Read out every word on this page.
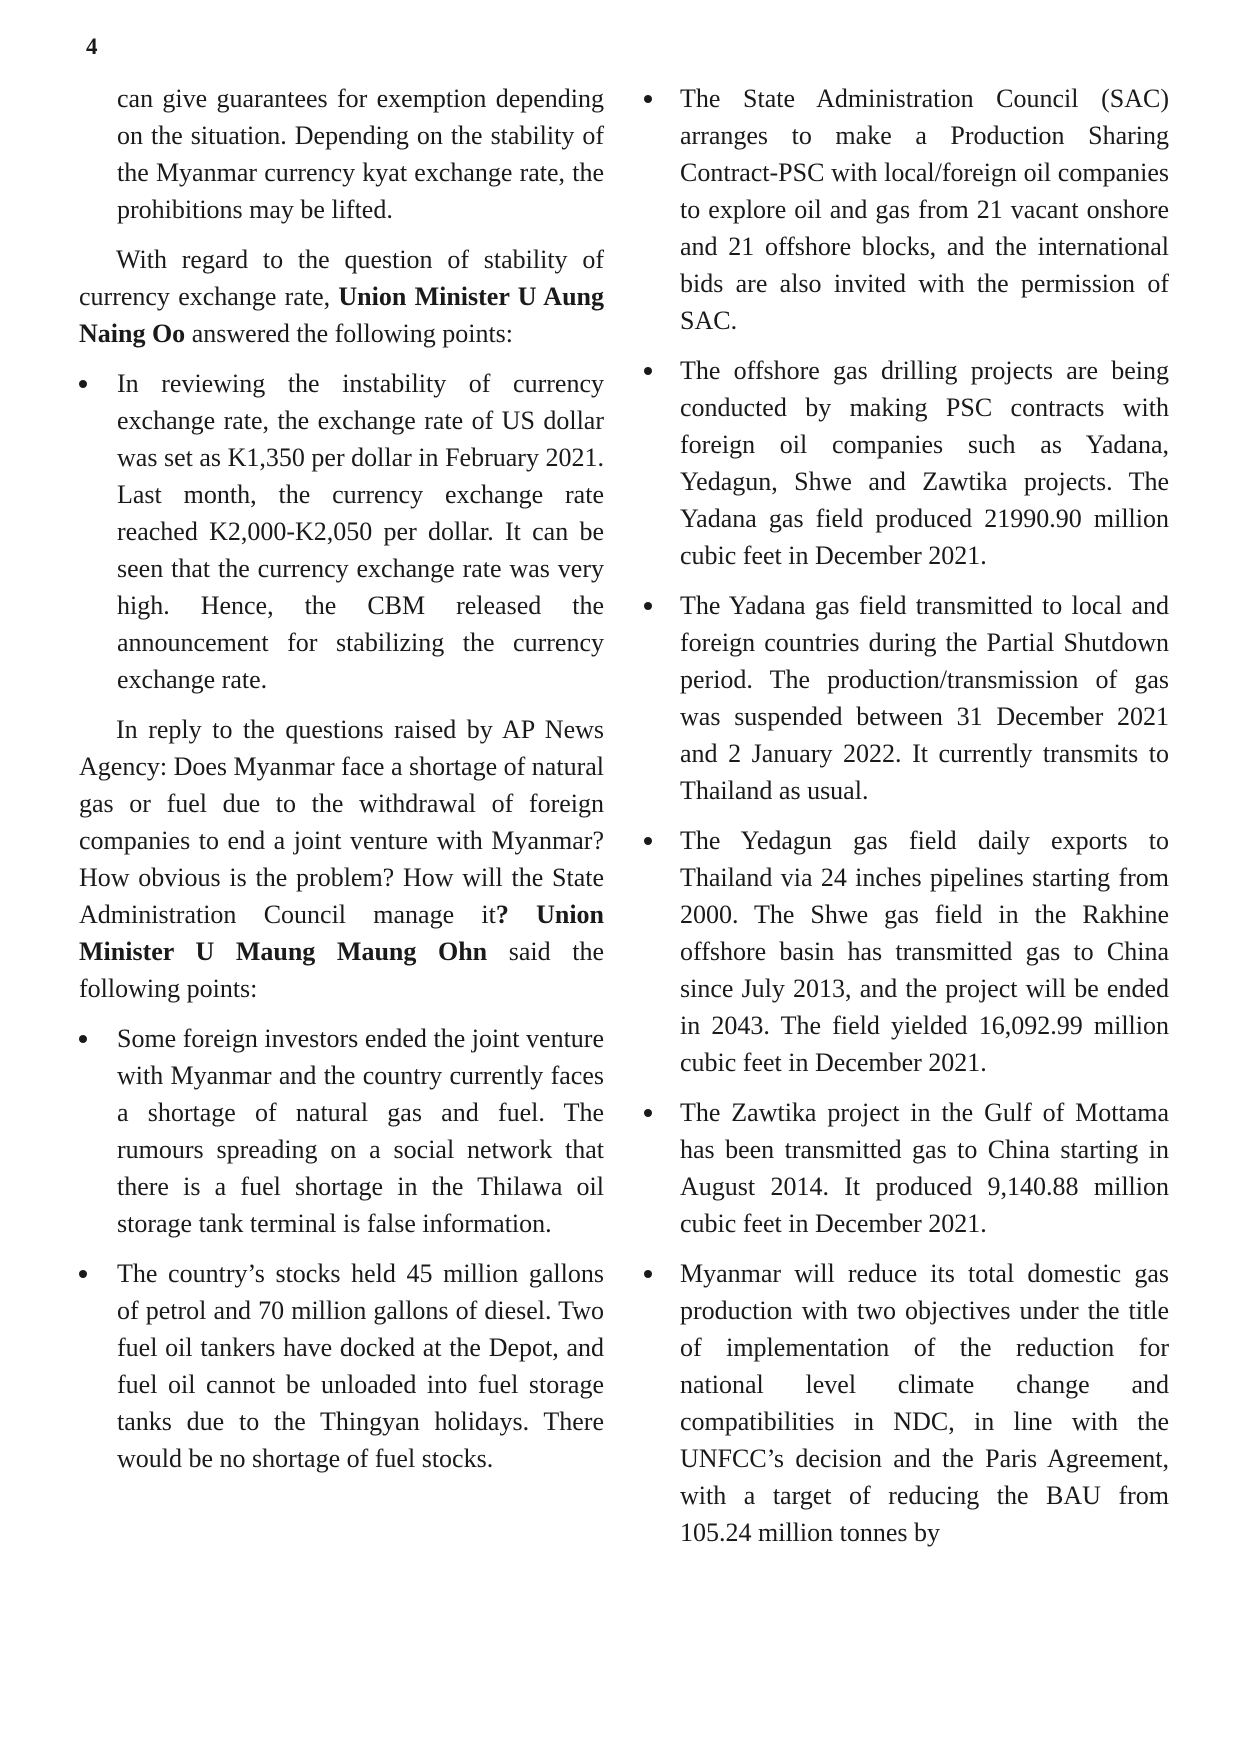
4

can give guarantees for exemption depending on the situation. Depending on the stability of the Myanmar currency kyat exchange rate, the prohibitions may be lifted.

With regard to the question of stability of currency exchange rate, Union Minister U Aung Naing Oo answered the following points:

In reviewing the instability of currency exchange rate, the exchange rate of US dollar was set as K1,350 per dollar in February 2021. Last month, the currency exchange rate reached K2,000-K2,050 per dollar. It can be seen that the currency exchange rate was very high. Hence, the CBM released the announcement for stabilizing the currency exchange rate.

In reply to the questions raised by AP News Agency: Does Myanmar face a shortage of natural gas or fuel due to the withdrawal of foreign companies to end a joint venture with Myanmar? How obvious is the problem? How will the State Administration Council manage it? Union Minister U Maung Maung Ohn said the following points:

Some foreign investors ended the joint venture with Myanmar and the country currently faces a shortage of natural gas and fuel. The rumours spreading on a social network that there is a fuel shortage in the Thilawa oil storage tank terminal is false information.
The country’s stocks held 45 million gallons of petrol and 70 million gallons of diesel. Two fuel oil tankers have docked at the Depot, and fuel oil cannot be unloaded into fuel storage tanks due to the Thingyan holidays. There would be no shortage of fuel stocks.
The State Administration Council (SAC) arranges to make a Production Sharing Contract-PSC with local/foreign oil companies to explore oil and gas from 21 vacant onshore and 21 offshore blocks, and the international bids are also invited with the permission of SAC.
The offshore gas drilling projects are being conducted by making PSC contracts with foreign oil companies such as Yadana, Yedagun, Shwe and Zawtika projects. The Yadana gas field produced 21990.90 million cubic feet in December 2021.
The Yadana gas field transmitted to local and foreign countries during the Partial Shutdown period. The production/transmission of gas was suspended between 31 December 2021 and 2 January 2022. It currently transmits to Thailand as usual.
The Yedagun gas field daily exports to Thailand via 24 inches pipelines starting from 2000. The Shwe gas field in the Rakhine offshore basin has transmitted gas to China since July 2013, and the project will be ended in 2043. The field yielded 16,092.99 million cubic feet in December 2021.
The Zawtika project in the Gulf of Mottama has been transmitted gas to China starting in August 2014. It produced 9,140.88 million cubic feet in December 2021.
Myanmar will reduce its total domestic gas production with two objectives under the title of implementation of the reduction for national level climate change and compatibilities in NDC, in line with the UNFCC’s decision and the Paris Agreement, with a target of reducing the BAU from 105.24 million tonnes by
